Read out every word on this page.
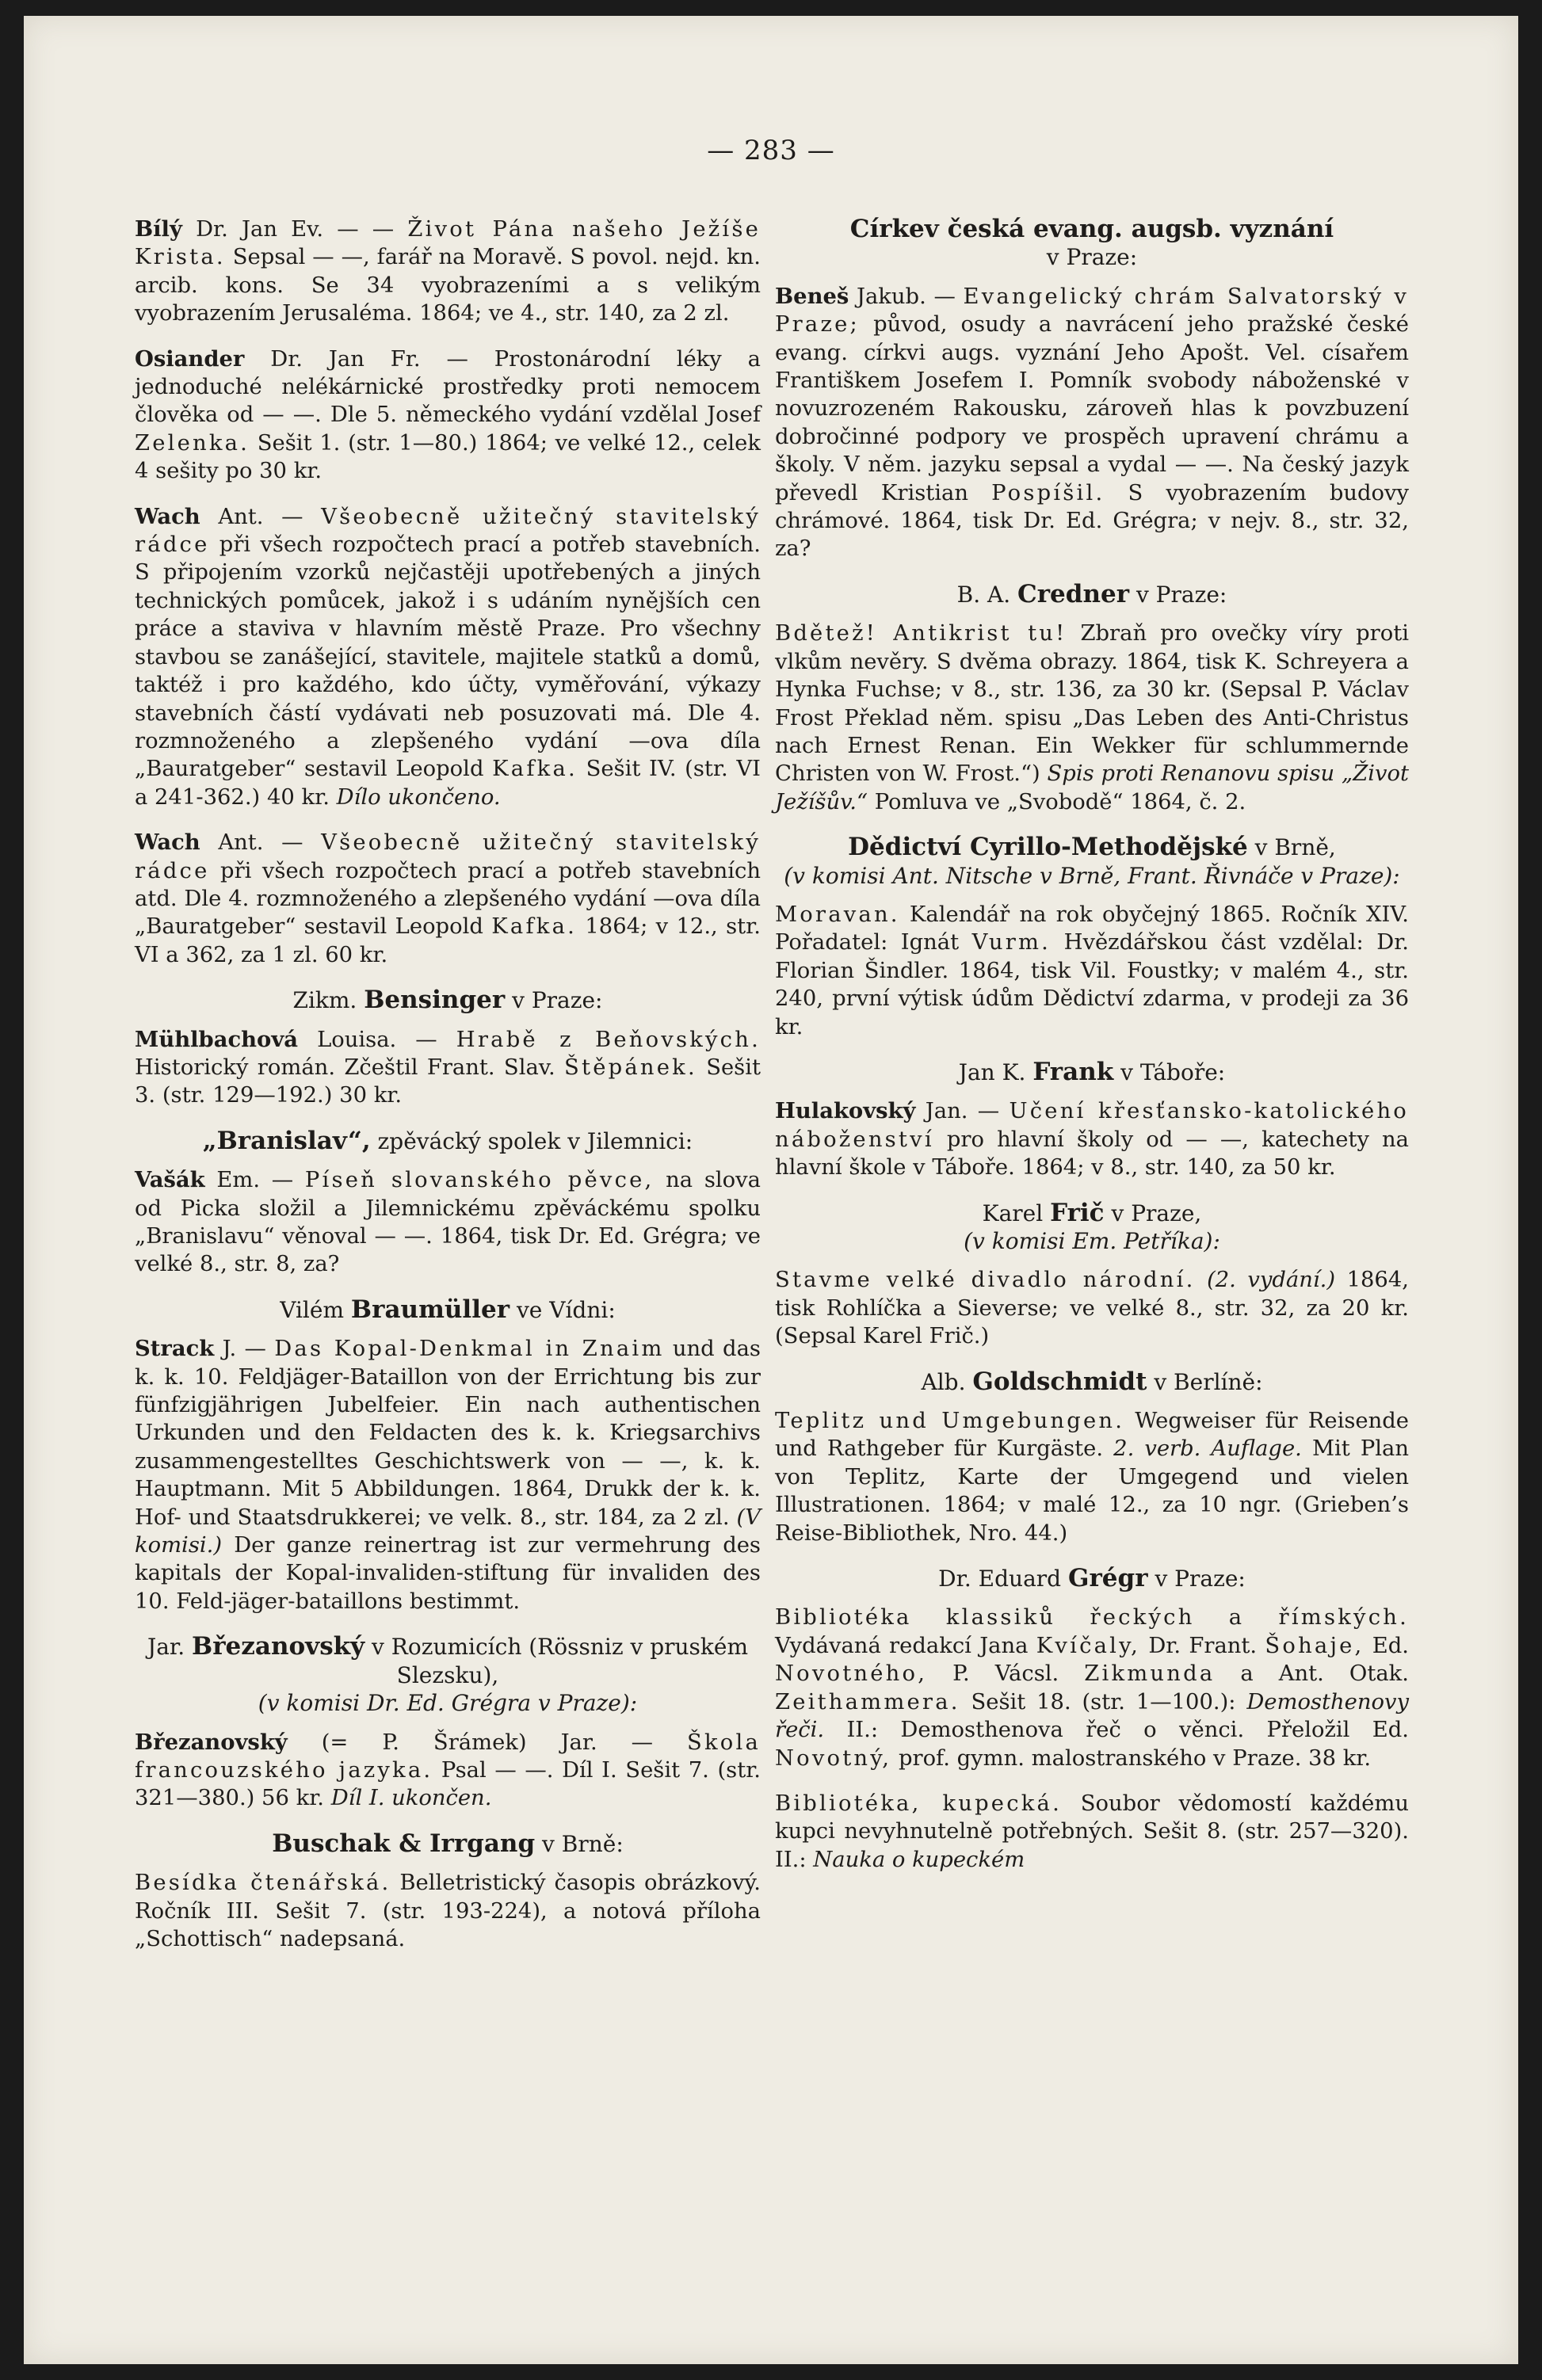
— 283 —
Bílý Dr. Jan Ev. — — Život Pána našeho Ježíše Krista. Sepsal — —, farář na Moravě. S povol. nejd. kn. arcib. kons. Se 34 vyobrazeními a s velikým vyobrazením Jerusaléma. 1864; ve 4., str. 140, za 2 zl.
Osiander Dr. Jan Fr. — Prostonárodní léky a jednoduché nelékárnické prostředky proti nemocem člověka od — —. Dle 5. německého vydání vzdělal Josef Zelenka. Sešit 1. (str. 1—80.) 1864; ve velké 12., celek 4 sešity po 30 kr.
Wach Ant. — Všeobecně užitečný stavitelský rádce při všech rozpočtech prací a potřeb stavebních. S připojením vzorků nejčastěji upotřebených a jiných technických pomůcek, jakož i s udáním nynějších cen práce a staviva v hlavním městě Praze. Pro všechny stavbou se zanášející, stavitele, majitele statků a domů, taktéž i pro každého, kdo účty, vyměřování, výkazy stavebních částí vydávati neb posuzovati má. Dle 4. rozmnoženého a zlepšeného vydání —ova díla „Bauratgeber“ sestavil Leopold Kafka. Sešit IV. (str. VI a 241-362.) 40 kr. Dílo ukončeno.
Wach Ant. — Všeobecně užitečný stavitelský rádce při všech rozpočtech prací a potřeb stavebních atd. Dle 4. rozmnoženého a zlepšeného vydání —ova díla „Bauratgeber“ sestavil Leopold Kafka. 1864; v 12., str. VI a 362, za 1 zl. 60 kr.
Zikm. Bensinger v Praze:
Mühlbachová Louisa. — Hrabě z Beňovských. Historický román. Zčeštil Frant. Slav. Štěpánek. Sešit 3. (str. 129—192.) 30 kr.
„Branislav“, zpěvácký spolek v Jilemnici:
Vašák Em. — Píseň slovanského pěvce, na slova od Picka složil a Jilemnickému zpěváckému spolku „Branislavu“ věnoval — —. 1864, tisk Dr. Ed. Grégra; ve velké 8., str. 8, za?
Vilém Braumüller ve Vídni:
Strack J. — Das Kopal-Denkmal in Znaim und das k. k. 10. Feldjäger-Bataillon von der Errichtung bis zur fünfzigjährigen Jubelfeier. Ein nach authentischen Urkunden und den Feldacten des k. k. Kriegsarchivs zusammengestelltes Geschichtswerk von — —, k. k. Hauptmann. Mit 5 Abbildungen. 1864, Drukk der k. k. Hof- und Staatsdrukkerei; ve velk. 8., str. 184, za 2 zl. (V komisi.) Der ganze reinertrag ist zur vermehrung des kapitals der Kopal-invaliden-stiftung für invaliden des 10. Feld-jäger-bataillons bestimmt.

Jar. Březanovský v Rozumicích (Rössniz v pruském Slezsku),

(v komisi Dr. Ed. Grégra v Praze):

Březanovský (= P. Šrámek) Jar. — Škola francouzského jazyka. Psal — —. Díl I. Sešit 7. (str. 321—380.) 56 kr. Díl I. ukončen.
Buschak & Irrgang v Brně:
Besídka čtenářská. Belletristický časopis obrázkový. Ročník III. Sešit 7. (str. 193-224), a notová příloha „Schottisch“ nadepsaná.

Církev česká evang. augsb. vyznání

v Praze:

Beneš Jakub. — Evangelický chrám Salvatorský v Praze; původ, osudy a navrácení jeho pražské české evang. církvi augs. vyznání Jeho Apošt. Vel. císařem Františkem Josefem I. Pomník svobody náboženské v novuzrozeném Rakousku, zároveň hlas k povzbuzení dobročinné podpory ve prospěch upravení chrámu a školy. V něm. jazyku sepsal a vydal — —. Na český jazyk převedl Kristian Pospíšil. S vyobrazením budovy chrámové. 1864, tisk Dr. Ed. Grégra; v nejv. 8., str. 32, za?
B. A. Credner v Praze:
Bdětež! Antikrist tu! Zbraň pro ovečky víry proti vlkům nevěry. S dvěma obrazy. 1864, tisk K. Schreyera a Hynka Fuchse; v 8., str. 136, za 30 kr. (Sepsal P. Václav Frost Překlad něm. spisu „Das Leben des Anti-Christus nach Ernest Renan. Ein Wekker für schlummernde Christen von W. Frost.“) Spis proti Renanovu spisu „Život Ježíšův.“ Pomluva ve „Svobodě“ 1864, č. 2.

Dědictví Cyrillo-Methodějské v Brně,

(v komisi Ant. Nitsche v Brně, Frant. Řivnáče v Praze):

Moravan. Kalendář na rok obyčejný 1865. Ročník XIV. Pořadatel: Ignát Vurm. Hvězdářskou část vzdělal: Dr. Florian Šindler. 1864, tisk Vil. Foustky; v malém 4., str. 240, první výtisk údům Dědictví zdarma, v prodeji za 36 kr.
Jan K. Frank v Táboře:
Hulakovský Jan. — Učení křesťansko-katolického náboženství pro hlavní školy od — —, katechety na hlavní škole v Táboře. 1864; v 8., str. 140, za 50 kr.

Karel Frič v Praze,

(v komisi Em. Petříka):

Stavme velké divadlo národní. (2. vydání.) 1864, tisk Rohlíčka a Sieverse; ve velké 8., str. 32, za 20 kr. (Sepsal Karel Frič.)
Alb. Goldschmidt v Berlíně:
Teplitz und Umgebungen. Wegweiser für Reisende und Rathgeber für Kurgäste. 2. verb. Auflage. Mit Plan von Teplitz, Karte der Umgegend und vielen Illustrationen. 1864; v malé 12., za 10 ngr. (Grieben’s Reise-Bibliothek, Nro. 44.)
Dr. Eduard Grégr v Praze:
Bibliotéka klassiků řeckých a římských. Vydávaná redakcí Jana Kvíčaly, Dr. Frant. Šohaje, Ed. Novotného, P. Vácsl. Zikmunda a Ant. Otak. Zeithammera. Sešit 18. (str. 1—100.): Demosthenovy řeči. II.: Demosthenova řeč o věnci. Přeložil Ed. Novotný, prof. gymn. malostranského v Praze. 38 kr.
Bibliotéka, kupecká. Soubor vědomostí každému kupci nevyhnutelně potřebných. Sešit 8. (str. 257—320). II.: Nauka o kupeckém
